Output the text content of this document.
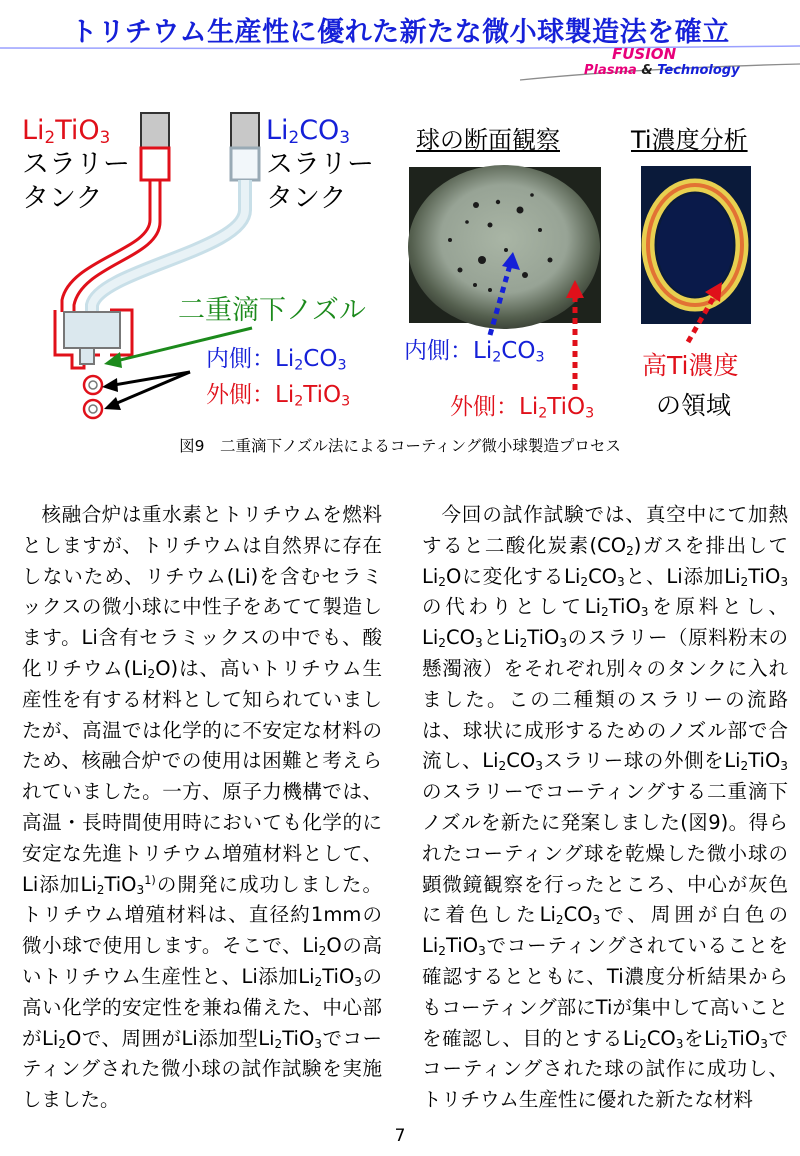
トリチウム生産性に優れた新たな微小球製造法を確立
FUSION
Plasma & Technology
$Li_2TiO_3$
スラリー
タンク
$Li_2CO_3$
スラリー
タンク
二重滴下ノズル
内側：$Li_2CO_3$
外側：$Li_2TiO_3$
球の断面観察	Ti濃度分析
内側：$Li_2CO_3$
外側：$Li_2TiO_3$
高Ti濃度
の領域
図9　二重滴下ノズル法によるコーティング微小球製造プロセス

核融合炉は重水素とトリチウムを燃料としますが、トリチウムは自然界に存在しないため、リチウム(Li)を含むセラミックスの微小球に中性子をあてて製造します。Li含有セラミックスの中でも、酸化リチウム$(Li_2O)$は、高いトリチウム生産性を有する材料として知られていましたが、高温では化学的に不安定な材料のため、核融合炉での使用は困難と考えられていました。一方、原子力機構では、高温・長時間使用時においても化学的に安定な先進トリチウム増殖材料として、Li添加$Li_2TiO_3^{1)}$の開発に成功しました。トリチウム増殖材料は、直径約1mmの微小球で使用します。そこで、$Li_2O$の高いトリチウム生産性と、Li添加$Li_2TiO_3$の高い化学的安定性を兼ね備えた、中心部が$Li_2O$で、周囲がLi添加型$Li_2TiO_3$でコーティングされた微小球の試作試験を実施しました。

今回の試作試験では、真空中にて加熱すると二酸化炭素$(CO_2)$ガスを排出して$Li_2O$に変化する$Li_2CO_3$と、Li添加$Li_2TiO_3$の代わりとして$Li_2TiO_3$を原料とし、$Li_2CO_3$と$Li_2TiO_3$のスラリー（原料粉末の懸濁液）をそれぞれ別々のタンクに入れました。この二種類のスラリーの流路は、球状に成形するためのノズル部で合流し、$Li_2CO_3$スラリー球の外側を$Li_2TiO_3$のスラリーでコーティングする二重滴下ノズルを新たに発案しました(図9)。得られたコーティング球を乾燥した微小球の顕微鏡観察を行ったところ、中心が灰色に着色した$Li_2CO_3$で、周囲が白色の$Li_2TiO_3$でコーティングされていることを確認するとともに、Ti濃度分析結果からもコーティング部にTiが集中して高いことを確認し、目的とする$Li_2CO_3$を$Li_2TiO_3$でコーティングされた球の試作に成功し、トリチウム生産性に優れた新たな材料

7
